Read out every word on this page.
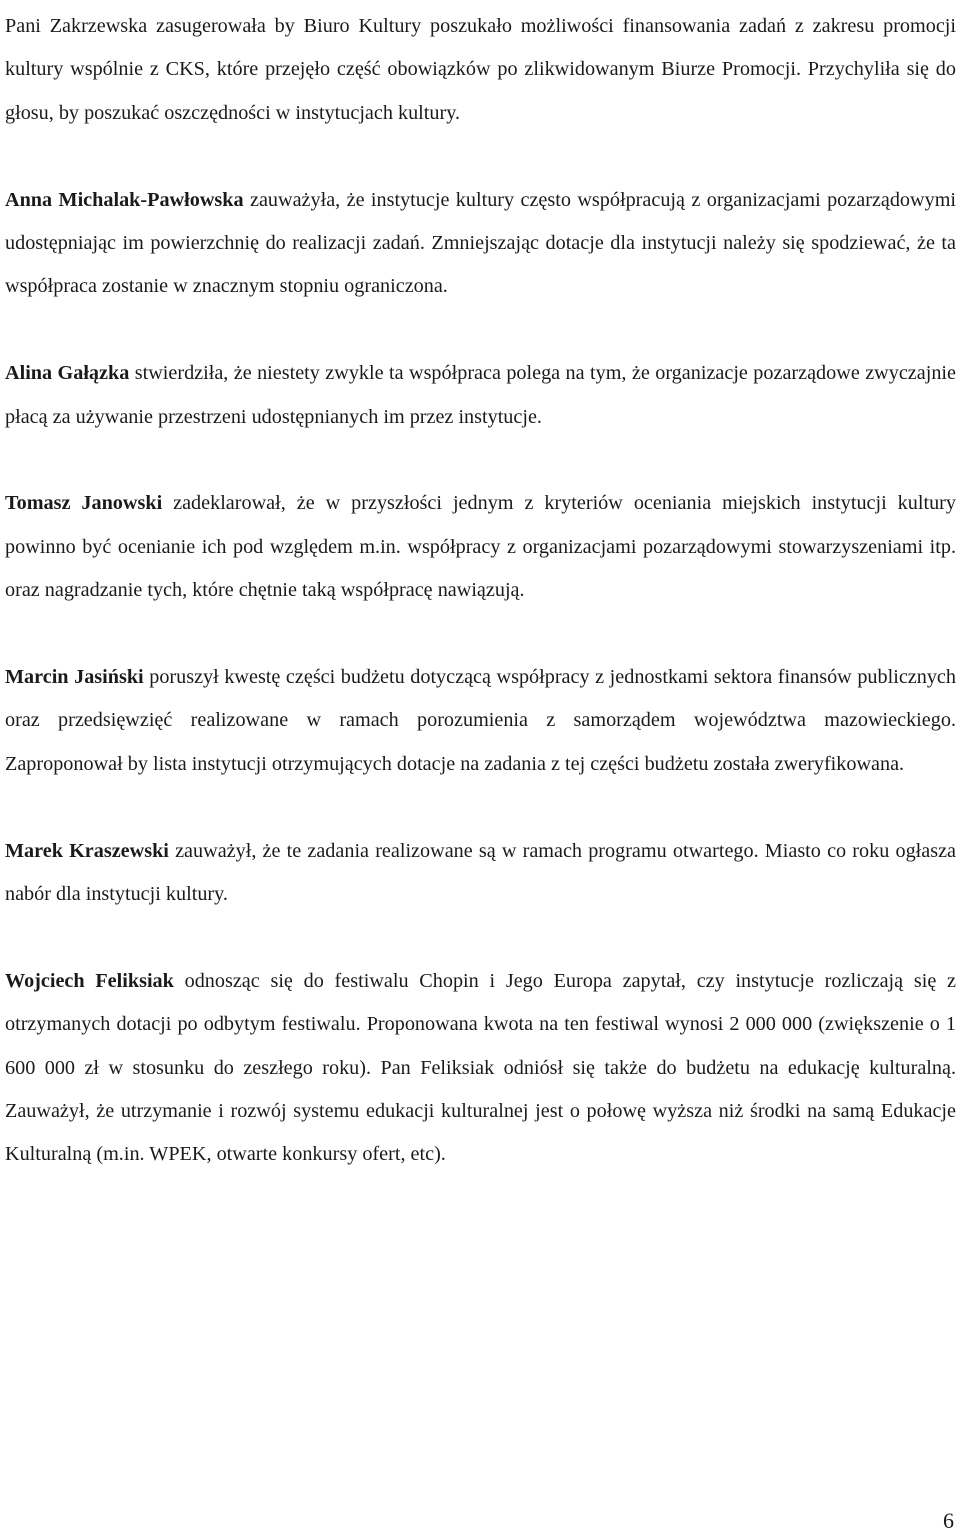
Pani Zakrzewska zasugerowała by Biuro Kultury poszukało możliwości finansowania zadań z zakresu promocji kultury wspólnie z CKS, które przejęło część obowiązków po zlikwidowanym Biurze Promocji. Przychyliła się do głosu, by poszukać oszczędności w instytucjach kultury.

Anna Michalak-Pawłowska zauważyła, że instytucje kultury często współpracują z organizacjami pozarządowymi udostępniając im powierzchnię do realizacji zadań. Zmniejszając dotacje dla instytucji należy się spodziewać, że ta współpraca zostanie w znacznym stopniu ograniczona.

Alina Gałązka stwierdziła, że niestety zwykle ta współpraca polega na tym, że organizacje pozarządowe zwyczajnie płacą za używanie przestrzeni udostępnianych im przez instytucje.

Tomasz Janowski zadeklarował, że w przyszłości jednym z kryteriów oceniania miejskich instytucji kultury powinno być ocenianie ich pod względem m.in. współpracy z organizacjami pozarządowymi stowarzyszeniami itp. oraz nagradzanie tych, które chętnie taką współpracę nawiązują.

Marcin Jasiński poruszył kwestę części budżetu dotyczącą współpracy z jednostkami sektora finansów publicznych oraz przedsięwzięć realizowane w ramach porozumienia z samorządem województwa mazowieckiego. Zaproponował by lista instytucji otrzymujących dotacje na zadania z tej części budżetu została zweryfikowana.

Marek Kraszewski zauważył, że te zadania realizowane są w ramach programu otwartego. Miasto co roku ogłasza nabór dla instytucji kultury.

Wojciech Feliksiak odnosząc się do festiwalu Chopin i Jego Europa zapytał, czy instytucje rozliczają się z otrzymanych dotacji po odbytym festiwalu. Proponowana kwota na ten festiwal wynosi 2 000 000 (zwiększenie o 1 600 000 zł w stosunku do zeszłego roku). Pan Feliksiak odniósł się także do budżetu na edukację kulturalną. Zauważył, że utrzymanie i rozwój systemu edukacji kulturalnej jest o połowę wyższa niż środki na samą Edukacje Kulturalną (m.in. WPEK, otwarte konkursy ofert, etc).

6
